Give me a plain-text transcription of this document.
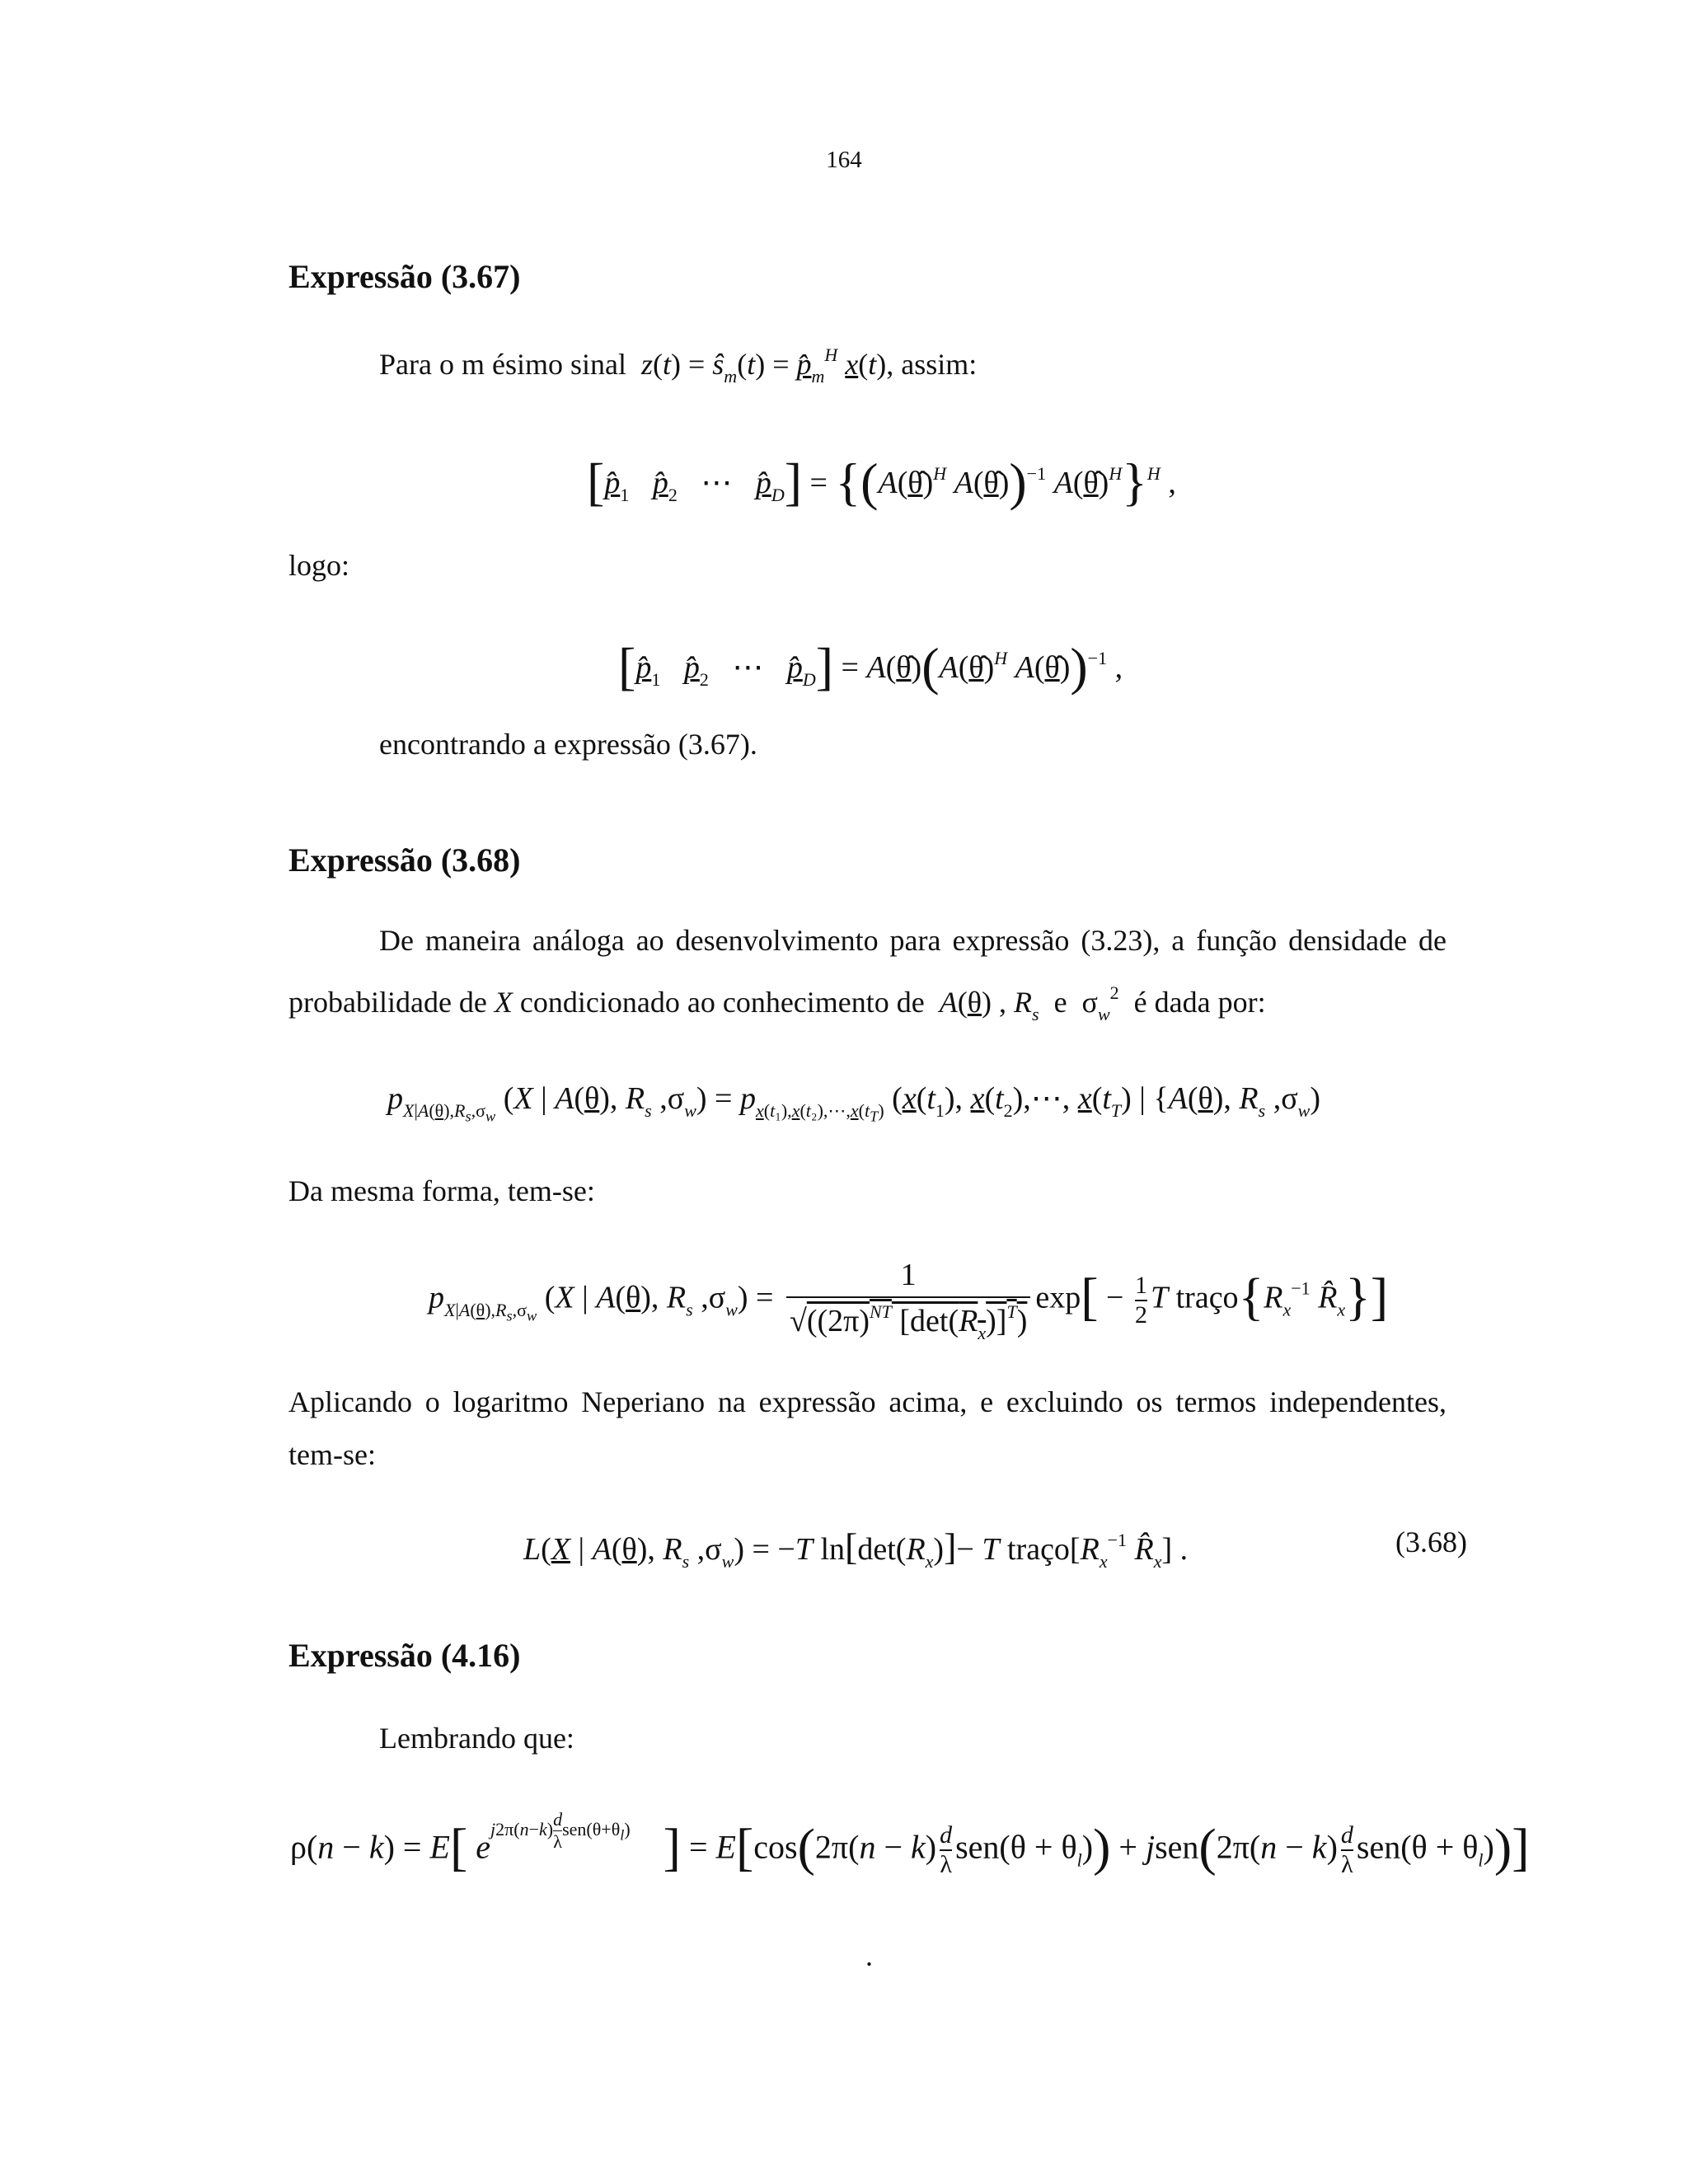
164
Expressão (3.67)
Para o m ésimo sinal $z(t) = ŝ_m(t)$ = $p̂_m^H$ x(t), assim:
[$p̂_1$ $p̂_2$   ⋯   $p̂_D$] = {(A(θ̂)$^H$ A(θ̂))$^{-1}$ A(θ̂)$^H$}$^H$ ,
logo:
[$p̂_1$ $p̂_2$   ⋯   $p̂_D$] = A(θ̂)(A(θ̂)$^H$ A(θ̂))$^{-1}$ ,
encontrando a expressão (3.67).
Expressão (3.68)
De maneira análoga ao desenvolvimento para expressão (3.23), a função densidade de
probabilidade de X condicionado ao conhecimento de A(θ) , $R_s$ e  $\sigma_w^2$ é dada por:
$p_{X|A(\theta),R_s,\sigma_w}$ (X | A(θ), $R_s$ $,\sigma_w) = p_{x(t_1),x(t_2),\cdots,x(t_T)}$ ($x(t_1)$, $x(t_2),\cdots$, $x(t_T)$ | {A(θ), $R_s$ $,\sigma_w$)
Da mesma forma, tem-se:
$p_{X|A(\theta),R_s,\sigma_w}$ (X | A(θ), $R_s$ $,\sigma_w) = \frac{1}{√((2\pi)^{NT} [\det(R_x)]^T)} \exp[ - \frac{1}{2}$ T $traço\{R_x^{-1}$ $R̂_x$}]
Aplicando o logaritmo Neperiano na expressão acima, e excluindo os termos independentes,
tem-se:
L(X | A(θ), $R_s$ $,\sigma_w) = -T$ $\ln[\det(R_x)]- T$ $traço[R_x^{-1}$ $R̂_x$] .	(3.68)
Expressão (4.16)
Lembrando que:
ρ(n − k) = E[ $e^{j2\pi(n-k) \frac{d}{\lambda} sen(\theta+\theta_l)}$ ] = $E[\cos(2\pi(n - k) \frac{d}{\lambda} sen(\theta + \theta_l))$ + jsen(2π(n − $k) \frac{d}{\lambda} sen(\theta + \theta_l)$)]
.
